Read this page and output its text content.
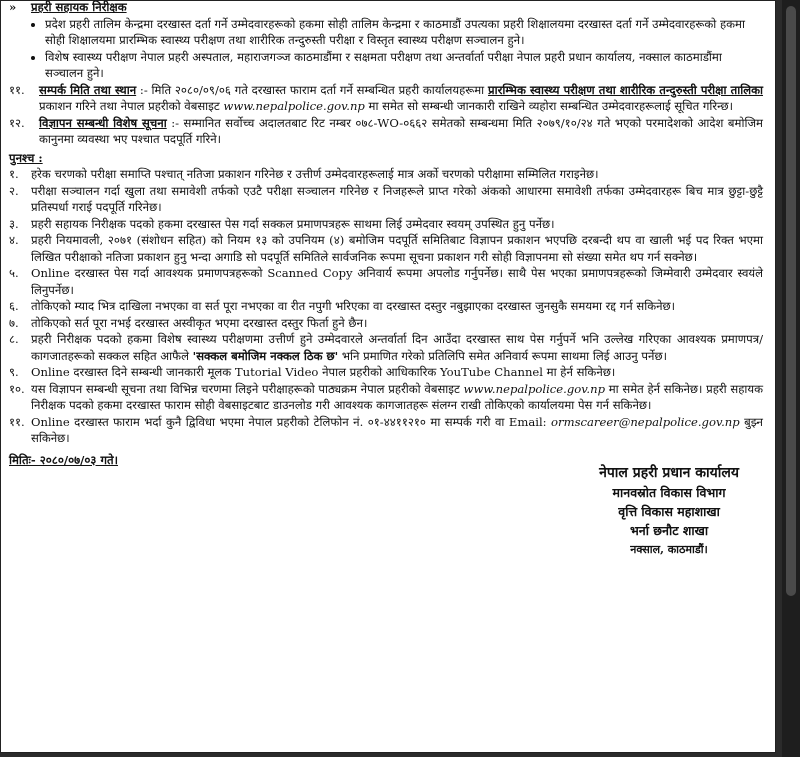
» प्रहरी सहायक निरीक्षक
• प्रदेश प्रहरी तालिम केन्द्रमा दरखास्त दर्ता गर्ने उम्मेदवारहरूको हकमा सोही तालिम केन्द्रमा र काठमाडौं उपत्यका प्रहरी शिक्षालयमा दरखास्त दर्ता गर्ने उम्मेदवारहरूको हकमा सोही शिक्षालयमा प्रारम्भिक स्वास्थ्य परीक्षण तथा शारीरिक तन्दुरुस्ती परीक्षा र विस्तृत स्वास्थ्य परीक्षण सञ्चालन हुने।
• विशेष स्वास्थ्य परीक्षण नेपाल प्रहरी अस्पताल, महाराजगञ्ज काठमाडौंमा र सक्षमता परीक्षण तथा अन्तर्वार्ता परीक्षा नेपाल प्रहरी प्रधान कार्यालय, नक्साल काठमाडौंमा सञ्चालन हुने।
११.	सम्पर्क मिति तथा स्थान :- मिति २०८०/०९/०६ गते दरखास्त फाराम दर्ता गर्ने सम्बन्धित प्रहरी कार्यालयहरूमा प्रारम्भिक स्वास्थ्य परीक्षण तथा शारीरिक तन्दुरुस्ती परीक्षा तालिका प्रकाशन गरिने तथा नेपाल प्रहरीको वेबसाइट www.nepalpolice.gov.np मा समेत सो सम्बन्धी जानकारी राखिने व्यहोरा सम्बन्धित उम्मेदवारहरूलाई सूचित गरिन्छ।
१२.	विज्ञापन सम्बन्धी विशेष सूचना :- सम्मानित सर्वोच्च अदालतबाट रिट नम्बर ०७८-WO-०६६२ समेतको सम्बन्धमा मिति २०७९/१०/२४ गते भएको परमादेशको आदेश बमोजिम कानुनमा व्यवस्था भए पश्चात पदपूर्ति गरिने।
पुनश्च :
१.	हरेक चरणको परीक्षा समाप्ति पश्चात् नतिजा प्रकाशन गरिनेछ र उत्तीर्ण उम्मेदवारहरूलाई मात्र अर्को चरणको परीक्षामा सम्मिलित गराइनेछ।
२.	परीक्षा सञ्चालन गर्दा खुला तथा समावेशी तर्फको एउटै परीक्षा सञ्चालन गरिनेछ र निजहरूले प्राप्त गरेको अंकको आधारमा समावेशी तर्फका उम्मेदवारहरू बिच मात्र छुट्टा-छुट्टै प्रतिस्पर्धा गराई पदपूर्ति गरिनेछ।
३.	प्रहरी सहायक निरीक्षक पदको हकमा दरखास्त पेस गर्दा सक्कल प्रमाणपत्रहरू साथमा लिई उम्मेदवार स्वयम् उपस्थित हुनु पर्नेछ।
४.	प्रहरी नियमावली, २०७१ (संशोधन सहित) को नियम १३ को उपनियम (४) बमोजिम पदपूर्ति समितिबाट विज्ञापन प्रकाशन भएपछि दरबन्दी थप वा खाली भई पद रिक्त भएमा लिखित परीक्षाको नतिजा प्रकाशन हुनु भन्दा अगाडि सो पदपूर्ति समितिले सार्वजनिक रूपमा सूचना प्रकाशन गरी सोही विज्ञापनमा सो संख्या समेत थप गर्न सक्नेछ।
५.	Online दरखास्त पेस गर्दा आवश्यक प्रमाणपत्रहरूको Scanned Copy अनिवार्य रूपमा अपलोड गर्नुपर्नेछ। साथै पेस भएका प्रमाणपत्रहरूको जिम्मेवारी उम्मेदवार स्वयंले लिनुपर्नेछ।
६.	तोकिएको म्याद भित्र दाखिला नभएका वा सर्त पूरा नभएका वा रीत नपुगी भरिएका वा दरखास्त दस्तुर नबुझाएका दरखास्त जुनसुकै समयमा रद्द गर्न सकिनेछ।
७.	तोकिएको सर्त पूरा नभई दरखास्त अस्वीकृत भएमा दरखास्त दस्तुर फिर्ता हुने छैन।
८.	प्रहरी निरीक्षक पदको हकमा विशेष स्वास्थ्य परीक्षणमा उत्तीर्ण हुने उम्मेदवारले अन्तर्वार्ता दिन आउँदा दरखास्त साथ पेस गर्नुपर्ने भनि उल्लेख गरिएका आवश्यक प्रमाणपत्र/कागजातहरूको सक्कल सहित आफैले 'सक्कल बमोजिम नक्कल ठिक छ' भनि प्रमाणित गरेको प्रतिलिपि समेत अनिवार्य रूपमा साथमा लिई आउनु पर्नेछ।
९.	Online दरखास्त दिने सम्बन्धी जानकारी मूलक Tutorial Video नेपाल प्रहरीको आधिकारिक YouTube Channel मा हेर्न सकिनेछ।
१०. यस विज्ञापन सम्बन्धी सूचना तथा विभिन्न चरणमा लिइने परीक्षाहरूको पाठ्यक्रम नेपाल प्रहरीको वेबसाइट www.nepalpolice.gov.np मा समेत हेर्न सकिनेछ। प्रहरी सहायक निरीक्षक पदको हकमा दरखास्त फाराम सोही वेबसाइटबाट डाउनलोड गरी आवश्यक कागजातहरू संलग्न राखी तोकिएको कार्यालयमा पेस गर्न सकिनेछ।
११. Online दरखास्त फाराम भर्दा कुनै द्विविधा भएमा नेपाल प्रहरीको टेलिफोन नं. ०१-४४११२१० मा सम्पर्क गरी वा Email: ormscareer@nepalpolice.gov.np बुझ्न सकिनेछ।
मितिः- २०८०/०७/०३ गते।
नेपाल प्रहरी प्रधान कार्यालय
मानवस्रोत विकास विभाग
वृत्ति विकास महाशाखा
भर्ना छनौट शाखा
नक्साल, काठमाडौं।
